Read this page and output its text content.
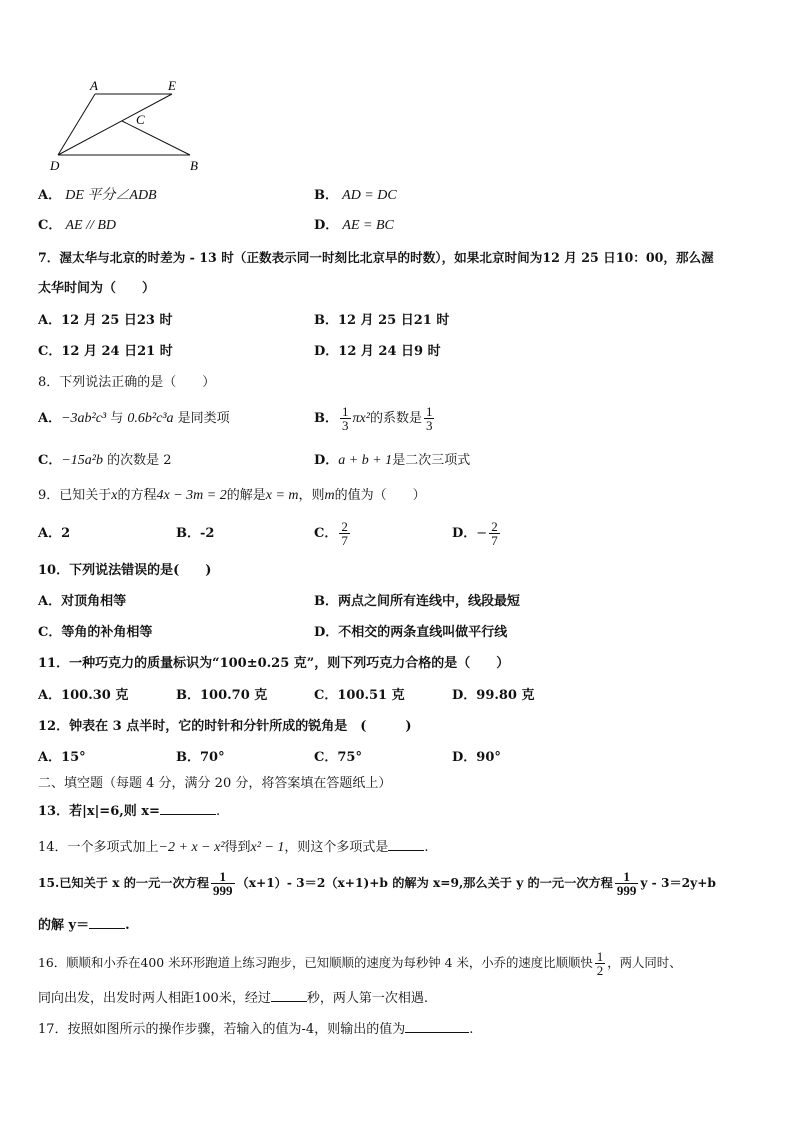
A	E
C
D	B
A． DE 平分∠ADB	B． AD = DC
C． AE // BD	D． AE = BC
7．渥太华与北京的时差为 - 13 时（正数表示同一时刻比北京早的时数），如果北京时间为12 月 25 日10：00，那么渥
太华时间为（　　）
A．12 月 25 日23 时	B．12 月 25 日21 时
C．12 月 24 日21 时	D．12 月 24 日9 时
8．下列说法正确的是（　　）
A．−3ab²c³ 与 0.6b²c³a 是同类项	B． $\frac{1}{3} \pi x^2$的系数是 $\frac{1}{3}$
C．−15a²b 的次数是 2	D．a + b + 1是二次三项式
9．已知关于x的方程4x − 3m = 2的解是x = m，则m的值为（　　）
A．2	B．-2	C． $\frac{2}{7}$	D．− $\frac{2}{7}$
10．下列说法错误的是(　　)
A．对顶角相等	B．两点之间所有连线中，线段最短
C．等角的补角相等	D．不相交的两条直线叫做平行线
11．一种巧克力的质量标识为“100±0.25 克”，则下列巧克力合格的是（　　）
A．100.30 克	B．100.70 克	C．100.51 克	D．99.80 克
12．钟表在 3 点半时，它的时针和分针所成的锐角是　(　　　)
A．15°	B．70°	C．75°	D．90°
二、填空题（每题 4 分，满分 20 分，将答案填在答题纸上）
13．若|x|=6,则 x=	.
14．一个多项式加上−2 + x − x²得到x² − 1，则这个多项式是	.
15.已知关于 x 的一元一次方程 $\frac{1}{999} (x+1)-$ 3＝2（x+1)+b 的解为 x=9,那么关于 y 的一元一次方程 $\frac{1}{999}$ y - 3＝2y+b
的解 y＝	.
16．顺顺和小乔在400 米环形跑道上练习跑步，已知顺顺的速度为每秒钟 4 米，小乔的速度比顺顺快 $\frac{1}{2}$ ，两人同时、
同向出发，出发时两人相距100米，经过	秒，两人第一次相遇.
17．按照如图所示的操作步骤，若输入的值为-4，则输出的值为	.
